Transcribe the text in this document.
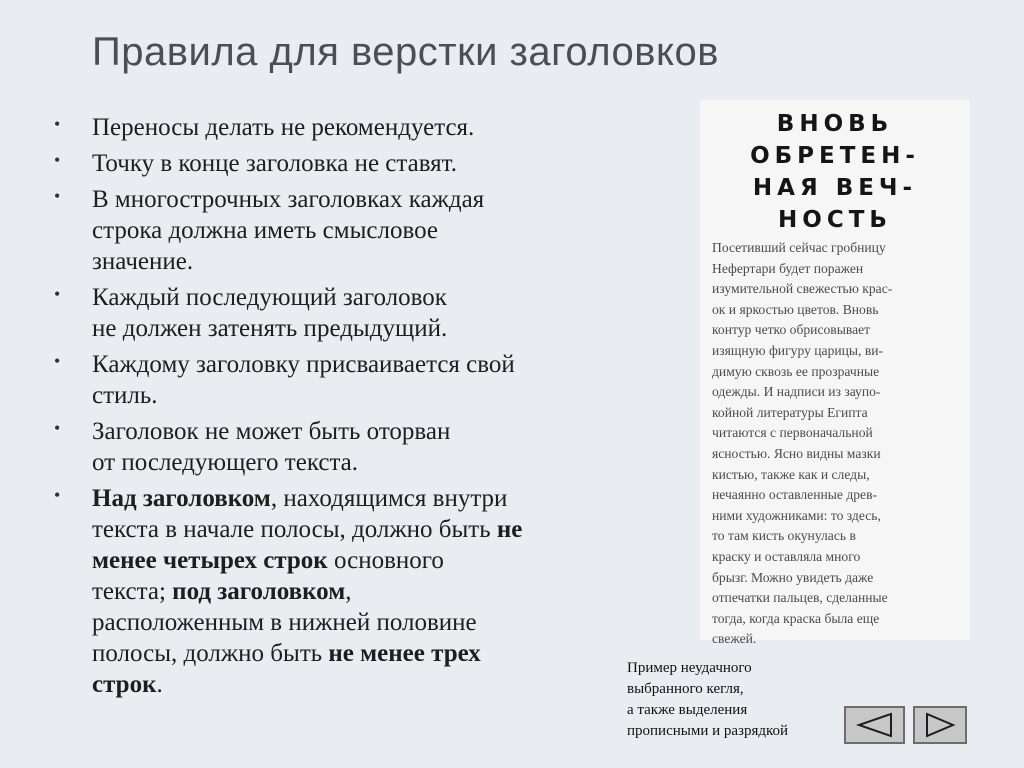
Правила для верстки заголовков
• Переносы делать не рекомендуется.
• Точку в конце заголовка не ставят.
• В многострочных заголовках каждая
строка должна иметь смысловое
значение.
• Каждый последующий заголовок
не должен затенять предыдущий.
• Каждому заголовку присваивается свой
стиль.
• Заголовок не может быть оторван
от последующего текста.
• Над заголовком, находящимся внутри
текста в начале полосы, должно быть не
менее четырех строк основного
текста; под заголовком,
расположенным в нижней половине
полосы, должно быть не менее трех
строк.
ВНОВЬ
ОБРЕТЕН-
НАЯ ВЕЧ-
НОСТЬ
Посетивший сейчас гробницу
Нефертари будет поражен
изумительной свежестью крас-
ок и яркостью цветов. Вновь
контур четко обрисовывает
изящную фигуру царицы, ви-
димую сквозь ее прозрачные
одежды. И надписи из заупо-
койной литературы Египта
читаются с первоначальной
ясностью. Ясно видны мазки
кистью, также как и следы,
нечаянно оставленные древ-
ними художниками: то здесь,
то там кисть окунулась в
краску и оставляла много
брызг. Можно увидеть даже
отпечатки пальцев, сделанные
тогда, когда краска была еще
свежей.
Пример неудачного
выбранного кегля,
а также выделения
прописными и разрядкой
